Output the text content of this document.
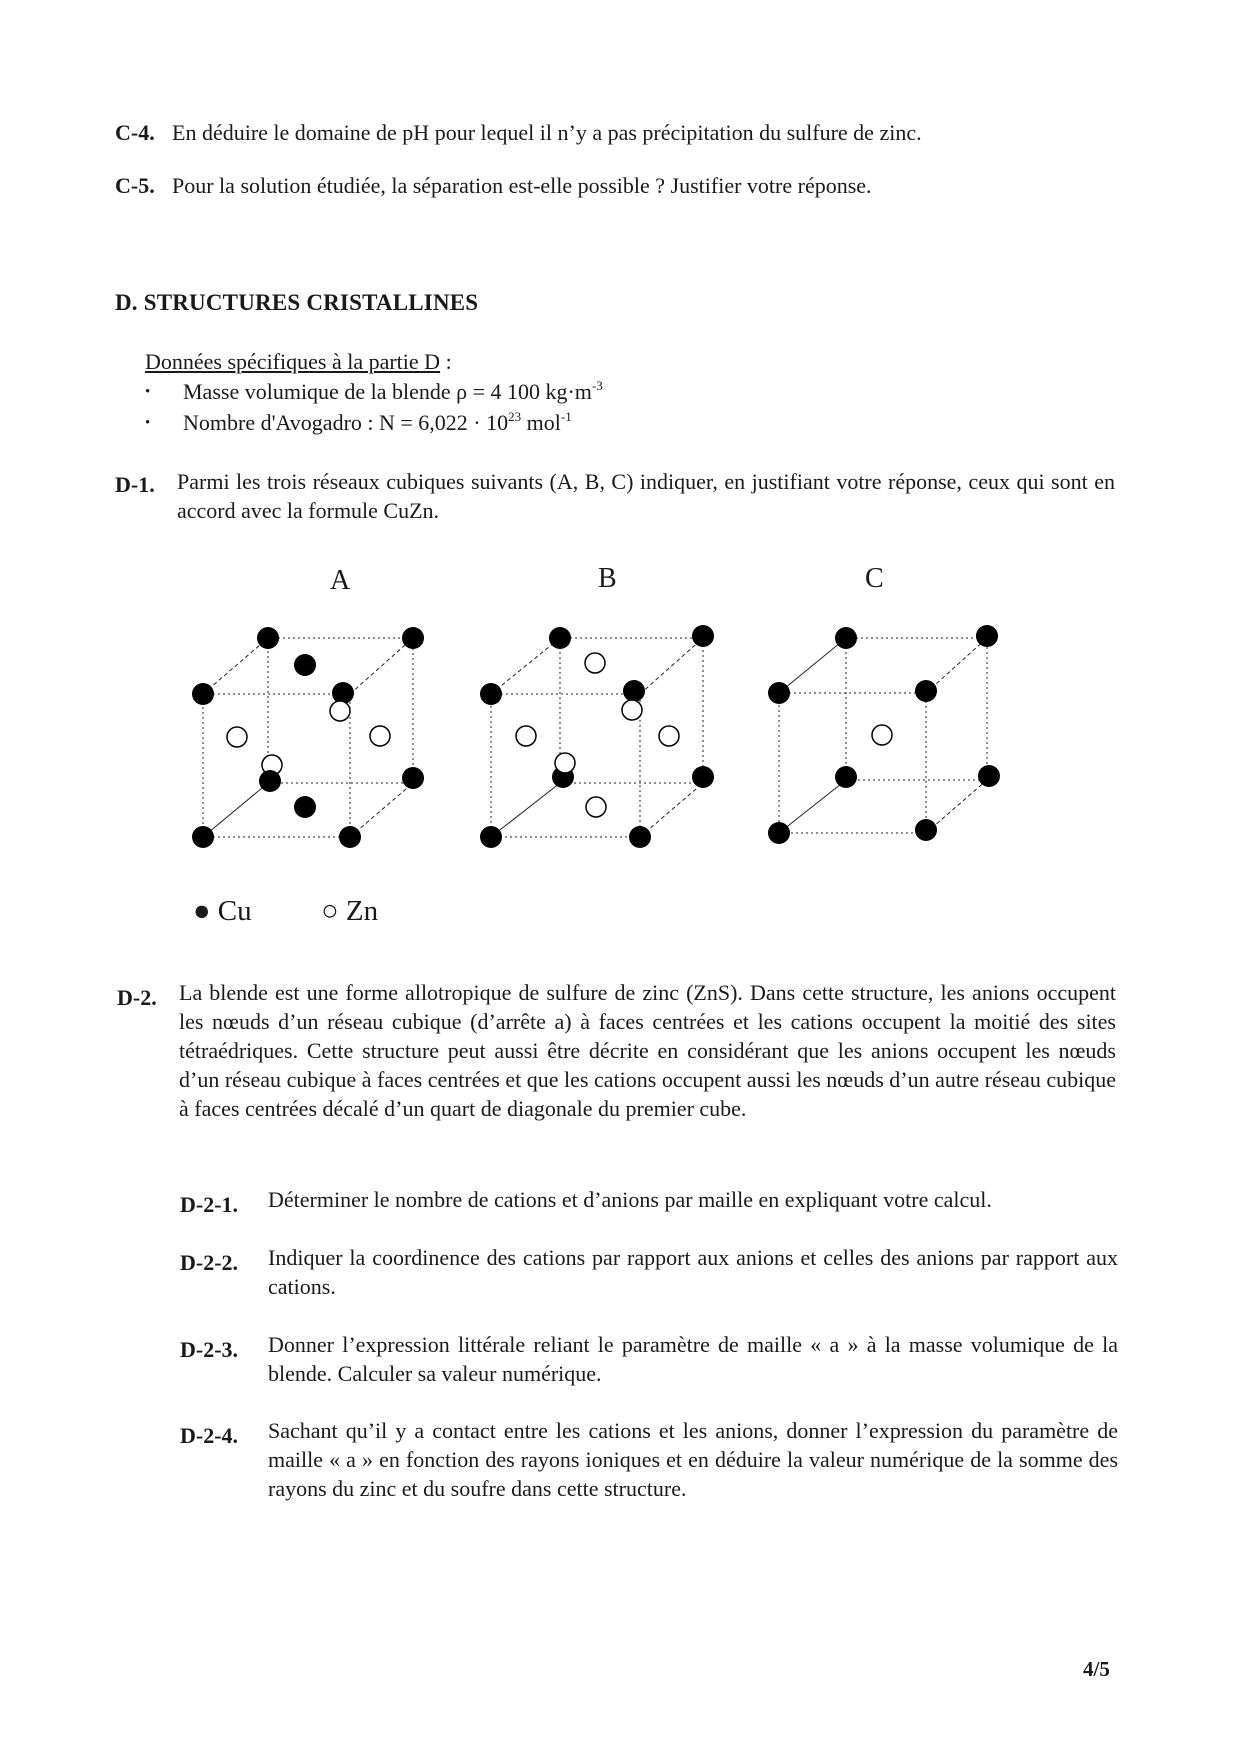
C-4. En déduire le domaine de pH pour lequel il n’y a pas précipitation du sulfure de zinc.
C-5. Pour la solution étudiée, la séparation est-elle possible ? Justifier votre réponse.
D. STRUCTURES CRISTALLINES
Données spécifiques à la partie D :
• Masse volumique de la blende ρ = 4 100 $kg\cdot m^{-3}$
• Nombre d'Avogadro : $N = 6,022 \cdot 10^{23}$ mol$^{-1}$
D-1. Parmi les trois réseaux cubiques suivants (A, B, C) indiquer, en justifiant votre réponse, ceux qui sont en accord avec la formule CuZn.
A	B	C
● Cu ○ Zn
D-2. La blende est une forme allotropique de sulfure de zinc (ZnS). Dans cette structure, les anions occupent les nœuds d’un réseau cubique (d’arrête a) à faces centrées et les cations occupent la moitié des sites tétraédriques. Cette structure peut aussi être décrite en considérant que les anions occupent les nœuds d’un réseau cubique à faces centrées et que les cations occupent aussi les nœuds d’un autre réseau cubique à faces centrées décalé d’un quart de diagonale du premier cube.
D-2-1. Déterminer le nombre de cations et d’anions par maille en expliquant votre calcul.
D-2-2. Indiquer la coordinence des cations par rapport aux anions et celles des anions par rapport aux cations.
D-2-3. Donner l’expression littérale reliant le paramètre de maille « a » à la masse volumique de la blende. Calculer sa valeur numérique.
D-2-4. Sachant qu’il y a contact entre les cations et les anions, donner l’expression du paramètre de maille « a » en fonction des rayons ioniques et en déduire la valeur numérique de la somme des rayons du zinc et du soufre dans cette structure.
4/5
